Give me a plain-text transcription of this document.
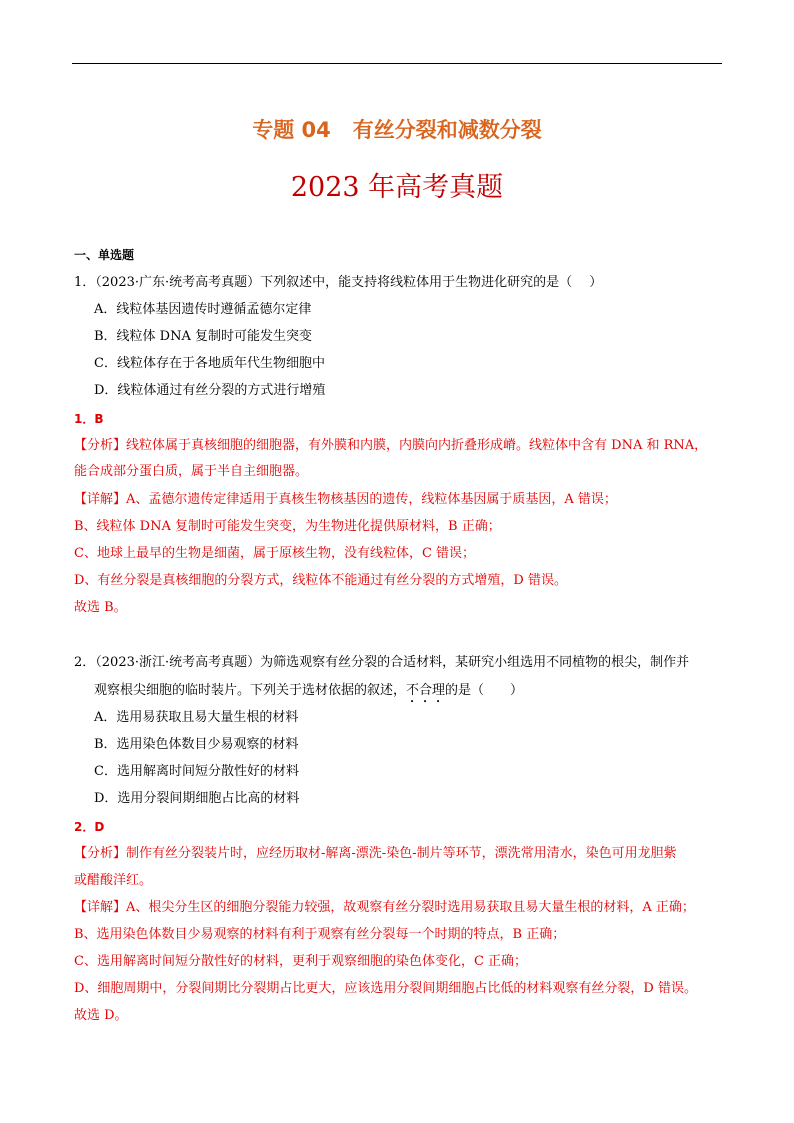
专题 04 有丝分裂和减数分裂
2023 年高考真题
一、单选题
1．（2023·广东·统考高考真题）下列叙述中，能支持将线粒体用于生物进化研究的是（　 ）
A．线粒体基因遗传时遵循孟德尔定律
B．线粒体 DNA 复制时可能发生突变
C．线粒体存在于各地质年代生物细胞中
D．线粒体通过有丝分裂的方式进行增殖
1．B
【分析】线粒体属于真核细胞的细胞器，有外膜和内膜，内膜向内折叠形成嵴。线粒体中含有 DNA 和 RNA，
能合成部分蛋白质，属于半自主细胞器。
【详解】A、孟德尔遗传定律适用于真核生物核基因的遗传，线粒体基因属于质基因，A 错误；
B、线粒体 DNA 复制时可能发生突变，为生物进化提供原材料，B 正确；
C、地球上最早的生物是细菌，属于原核生物，没有线粒体，C 错误；
D、有丝分裂是真核细胞的分裂方式，线粒体不能通过有丝分裂的方式增殖，D 错误。
故选 B。
2．（2023·浙江·统考高考真题）为筛选观察有丝分裂的合适材料，某研究小组选用不同植物的根尖，制作并
观察根尖细胞的临时装片。下列关于选材依据的叙述，不合理的是（　　）
A．选用易获取且易大量生根的材料
B．选用染色体数目少易观察的材料
C．选用解离时间短分散性好的材料
D．选用分裂间期细胞占比高的材料
2．D
【分析】制作有丝分裂装片时，应经历取材-解离-漂洗-染色-制片等环节，漂洗常用清水，染色可用龙胆紫
或醋酸洋红。
【详解】A、根尖分生区的细胞分裂能力较强，故观察有丝分裂时选用易获取且易大量生根的材料，A 正确；
B、选用染色体数目少易观察的材料有利于观察有丝分裂每一个时期的特点，B 正确；
C、选用解离时间短分散性好的材料，更利于观察细胞的染色体变化，C 正确；
D、细胞周期中，分裂间期比分裂期占比更大，应该选用分裂间期细胞占比低的材料观察有丝分裂，D 错误。
故选 D。
